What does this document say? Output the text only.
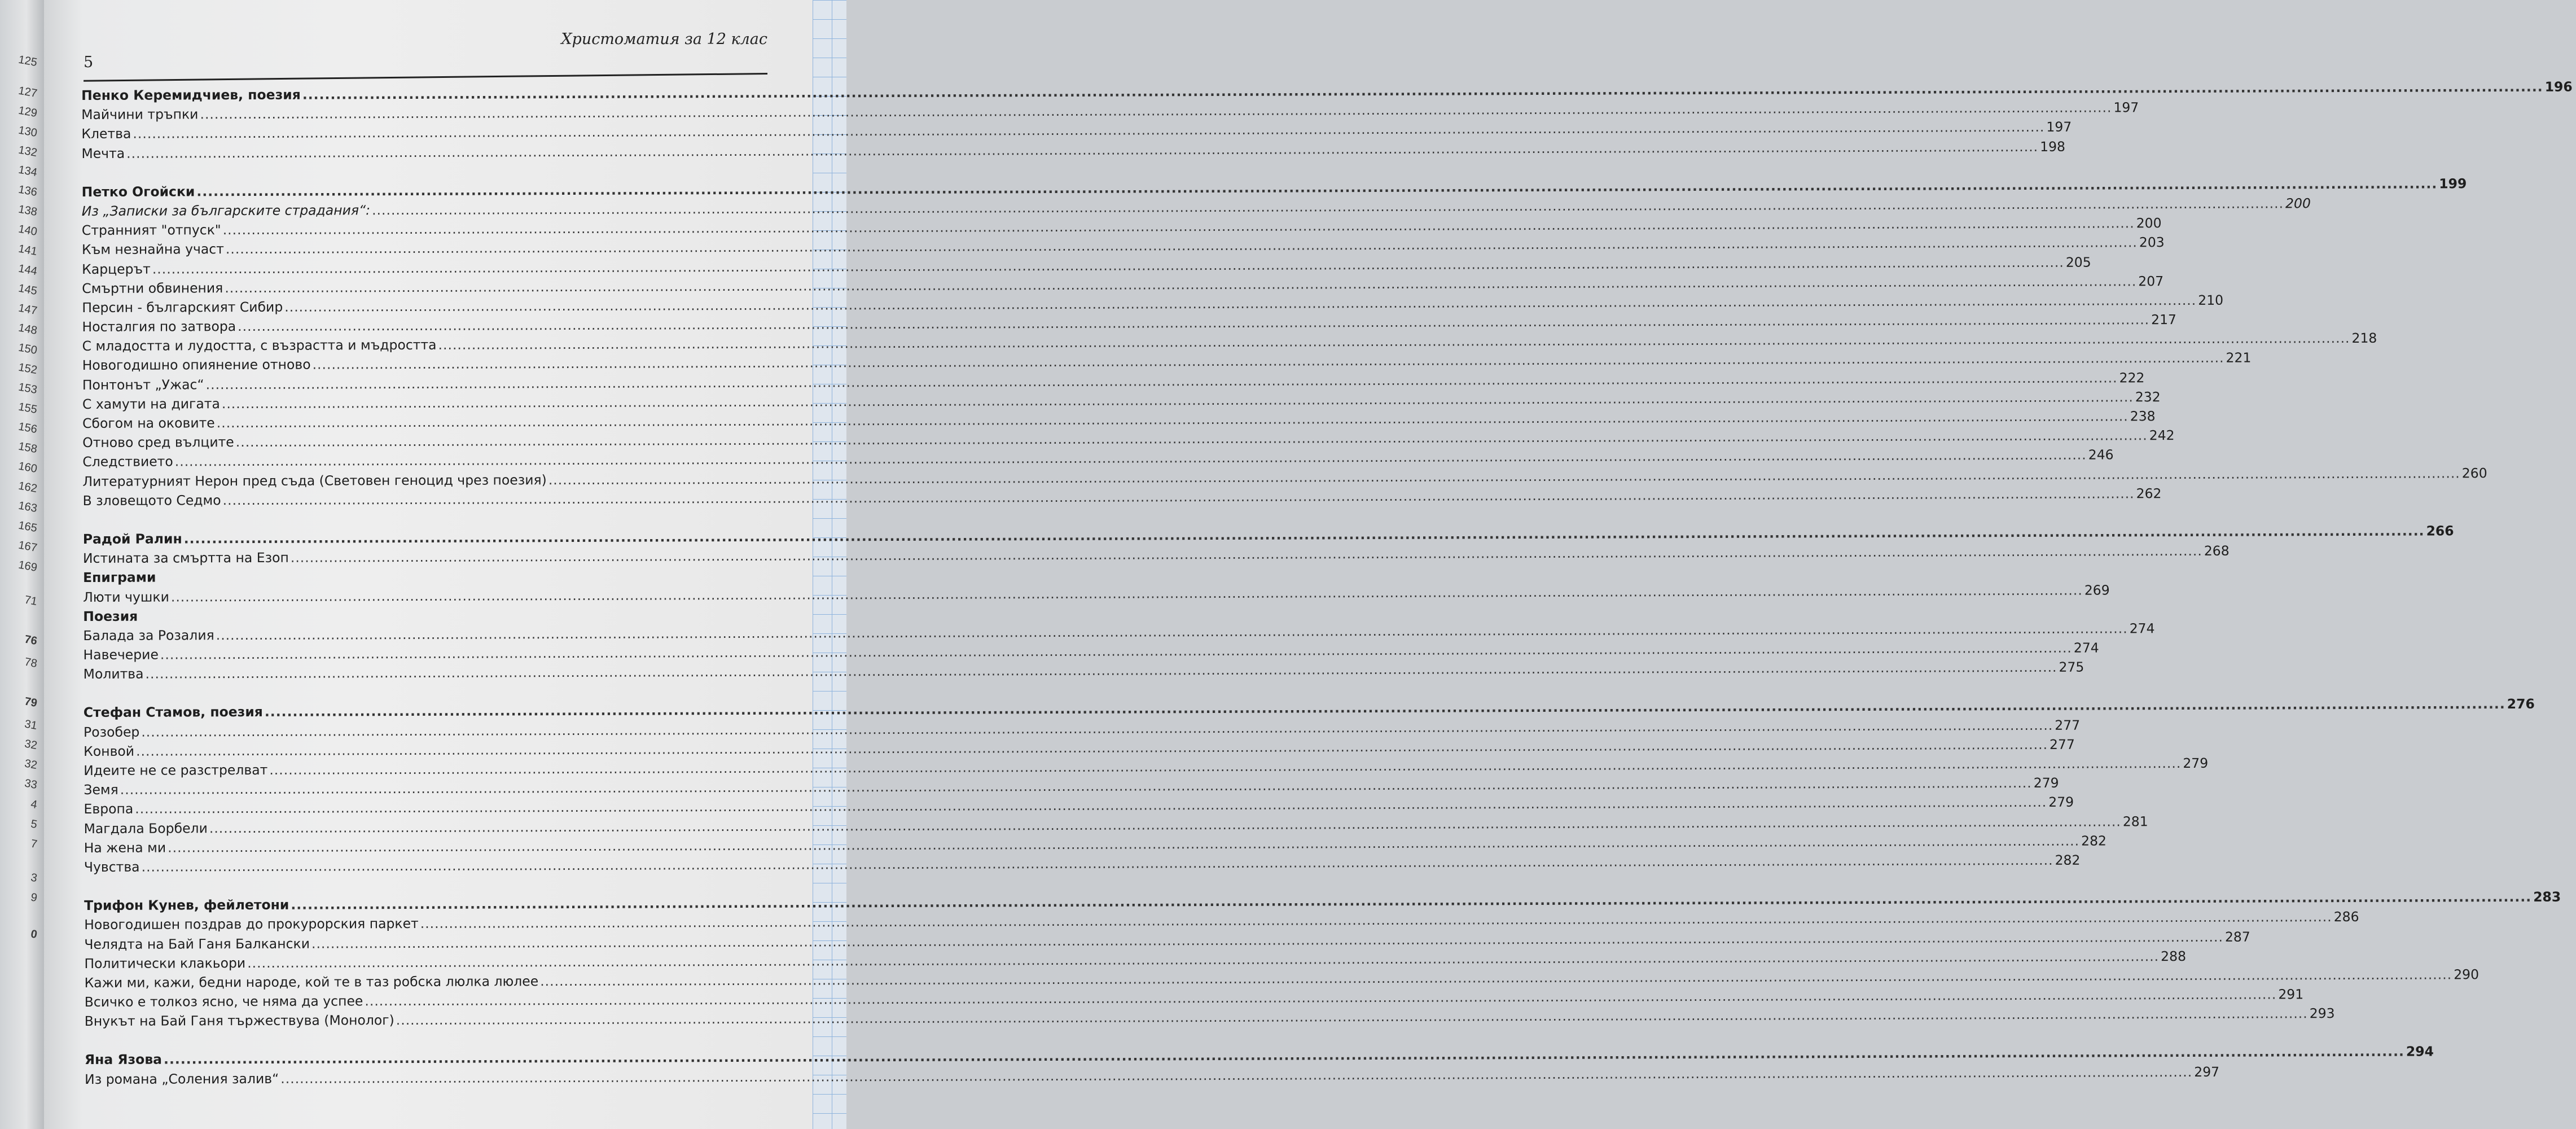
125
127
129
130
132
134
136
138
140
141
144
145
147
148
150
152
153
155
156
158
160
162
163
165
167
169
71
76
78
79
31
32
32
33
4
5
7
3
9
0
5
Христоматия за 12 клас
Пенко Керемидчиев, поезия ................................................................................................................................................................................................................................................................................................................................................................................................................ 196
Майчини тръпки ................................................................................................................................................................................................................................................................................................................................................................................................................ 197
Клетва ................................................................................................................................................................................................................................................................................................................................................................................................................ 197
Мечта ................................................................................................................................................................................................................................................................................................................................................................................................................ 198
Петко Огойски ................................................................................................................................................................................................................................................................................................................................................................................................................ 199
Из „Записки за българските страдания“: ................................................................................................................................................................................................................................................................................................................................................................................................................ 200
Странният "отпуск" ................................................................................................................................................................................................................................................................................................................................................................................................................ 200
Към незнайна участ ................................................................................................................................................................................................................................................................................................................................................................................................................ 203
Карцерът ................................................................................................................................................................................................................................................................................................................................................................................................................ 205
Смъртни обвинения ................................................................................................................................................................................................................................................................................................................................................................................................................ 207
Персин - българският Сибир ................................................................................................................................................................................................................................................................................................................................................................................................................ 210
Носталгия по затвора ................................................................................................................................................................................................................................................................................................................................................................................................................ 217
С младостта и лудостта, с възрастта и мъдростта ................................................................................................................................................................................................................................................................................................................................................................................................................ 218
Новогодишно опиянение отново ................................................................................................................................................................................................................................................................................................................................................................................................................ 221
Понтонът „Ужас“ ................................................................................................................................................................................................................................................................................................................................................................................................................ 222
С хамути на дигата ................................................................................................................................................................................................................................................................................................................................................................................................................ 232
Сбогом на оковите ................................................................................................................................................................................................................................................................................................................................................................................................................ 238
Отново сред вълците ................................................................................................................................................................................................................................................................................................................................................................................................................ 242
Следствието ................................................................................................................................................................................................................................................................................................................................................................................................................ 246
Литературният Нерон пред съда (Световен геноцид чрез поезия) ................................................................................................................................................................................................................................................................................................................................................................................................................ 260
В зловещото Седмо ................................................................................................................................................................................................................................................................................................................................................................................................................ 262
Радой Ралин ................................................................................................................................................................................................................................................................................................................................................................................................................ 266
Истината за смъртта на Езоп ................................................................................................................................................................................................................................................................................................................................................................................................................ 268
Епиграми
Люти чушки ................................................................................................................................................................................................................................................................................................................................................................................................................ 269
Поезия
Балада за Розалия ................................................................................................................................................................................................................................................................................................................................................................................................................ 274
Навечерие ................................................................................................................................................................................................................................................................................................................................................................................................................ 274
Молитва ................................................................................................................................................................................................................................................................................................................................................................................................................ 275
Стефан Стамов, поезия ................................................................................................................................................................................................................................................................................................................................................................................................................ 276
Розобер ................................................................................................................................................................................................................................................................................................................................................................................................................ 277
Конвой ................................................................................................................................................................................................................................................................................................................................................................................................................ 277
Идеите не се разстрелват ................................................................................................................................................................................................................................................................................................................................................................................................................ 279
Земя ................................................................................................................................................................................................................................................................................................................................................................................................................ 279
Европа ................................................................................................................................................................................................................................................................................................................................................................................................................ 279
Магдала Борбели ................................................................................................................................................................................................................................................................................................................................................................................................................ 281
На жена ми ................................................................................................................................................................................................................................................................................................................................................................................................................ 282
Чувства ................................................................................................................................................................................................................................................................................................................................................................................................................ 282
Трифон Кунев, фейлетони ................................................................................................................................................................................................................................................................................................................................................................................................................ 283
Новогодишен поздрав до прокурорския паркет ................................................................................................................................................................................................................................................................................................................................................................................................................ 286
Челядта на Бай Ганя Балкански ................................................................................................................................................................................................................................................................................................................................................................................................................ 287
Политически клакьори ................................................................................................................................................................................................................................................................................................................................................................................................................ 288
Кажи ми, кажи, бедни народе, кой те в таз робска люлка люлее ................................................................................................................................................................................................................................................................................................................................................................................................................ 290
Всичко е толкоз ясно, че няма да успее ................................................................................................................................................................................................................................................................................................................................................................................................................ 291
Внукът на Бай Ганя тържествува (Монолог) ................................................................................................................................................................................................................................................................................................................................................................................................................ 293
Яна Язова ................................................................................................................................................................................................................................................................................................................................................................................................................ 294
Из романа „Соления залив“ ................................................................................................................................................................................................................................................................................................................................................................................................................ 297
